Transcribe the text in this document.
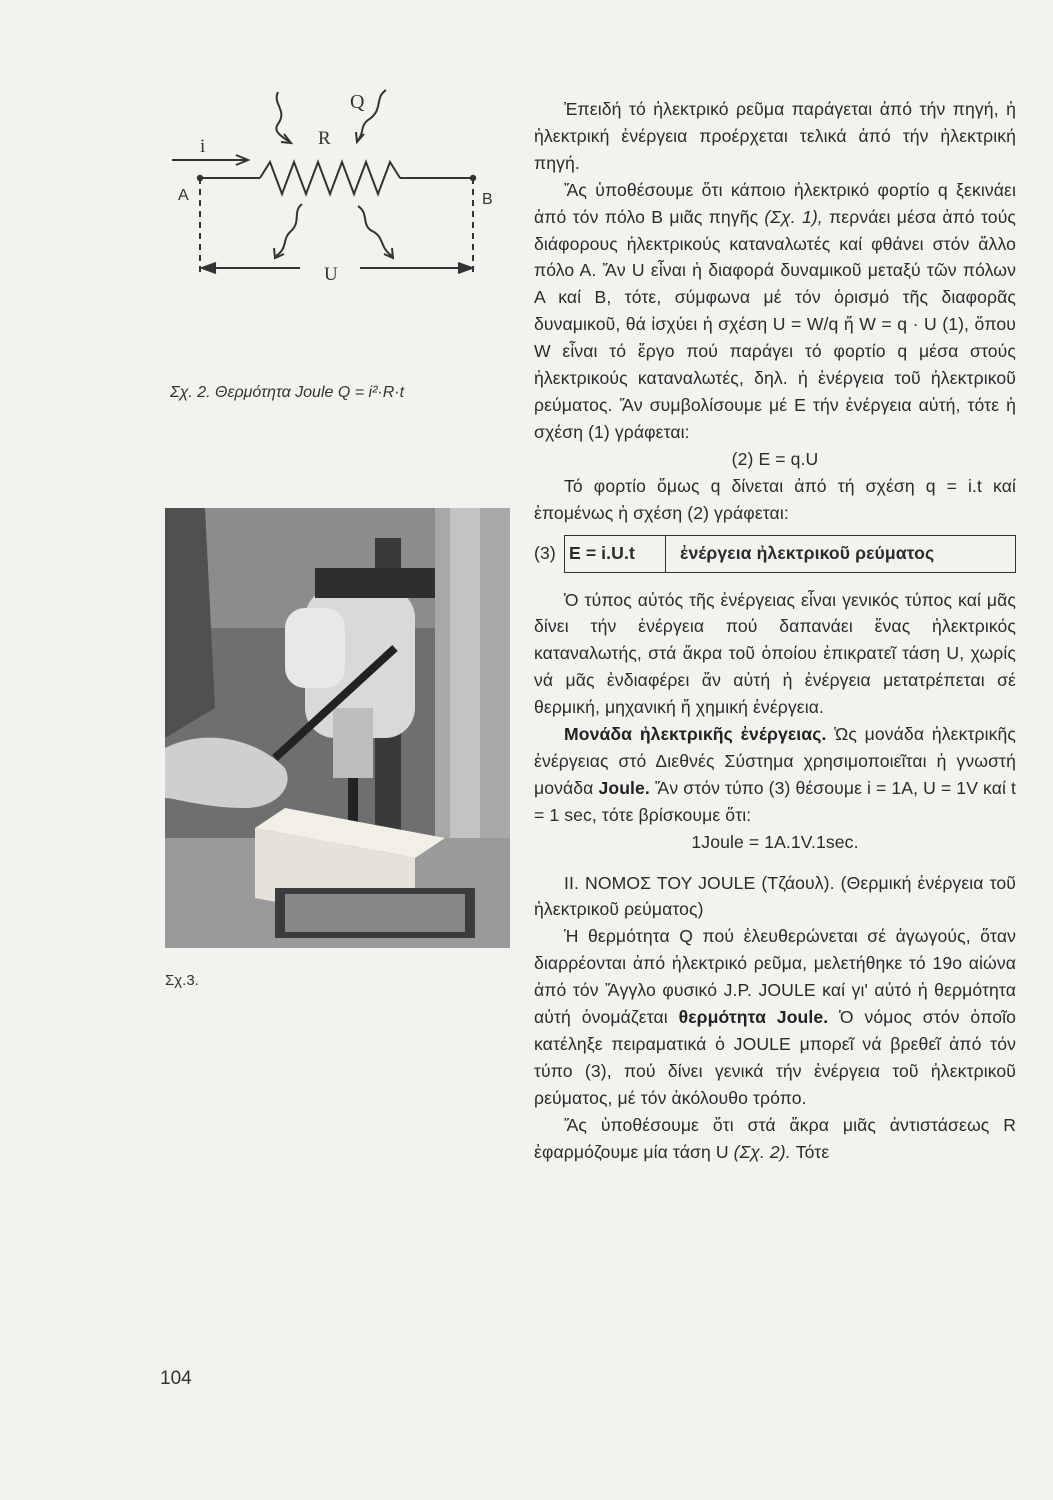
Q
R
i
U
A	B
Σχ. 2. Θερμότητα Joule Q = i²·R·t
Σχ.3.

Ἐπειδή τό ἠλεκτρικό ρεῦμα παράγεται ἀπό τήν πηγή, ἡ ἠλεκτρική ἐνέργεια προέρχεται τελικά ἀπό τήν ἠλεκτρική πηγή.

Ἄς ὑποθέσουμε ὅτι κάποιο ἠλεκτρικό φορτίο q ξεκινάει ἀπό τόν πόλο Β μιᾶς πηγῆς (Σχ. 1), περνάει μέσα ἀπό τούς διάφορους ἠλεκτρικούς καταναλωτές καί φθάνει στόν ἄλλο πόλο Α. Ἄν U εἶναι ἡ διαφορά δυναμικοῦ μεταξύ τῶν πόλων Α καί Β, τότε, σύμφωνα μέ τόν ὁρισμό τῆς διαφορᾶς δυναμικοῦ, θά ἰσχύει ἡ σχέση U = W/q ἤ W = q · U (1), ὅπου W εἶναι τό ἔργο πού παράγει τό φορτίο q μέσα στούς ἠλεκτρικούς καταναλωτές, δηλ. ἡ ἐνέργεια τοῦ ἠλεκτρικοῦ ρεύματος. Ἄν συμβολίσουμε μέ Ε τήν ἐνέργεια αὐτή, τότε ἡ σχέση (1) γράφεται:

(2) E = q.U

Τό φορτίο ὅμως q δίνεται ἀπό τή σχέση q = i.t καί ἑπομένως ἡ σχέση (2) γράφεται:

(3) E = i.U.t	ἐνέργεια ἠλεκτρικοῦ ρεύματος

Ὁ τύπος αὐτός τῆς ἐνέργειας εἶναι γενικός τύπος καί μᾶς δίνει τήν ἐνέργεια πού δαπανάει ἕνας ἠλεκτρικός καταναλωτής, στά ἄκρα τοῦ ὁποίου ἐπικρατεῖ τάση U, χωρίς νά μᾶς ἐνδιαφέρει ἄν αὐτή ἡ ἐνέργεια μετατρέπεται σέ θερμική, μηχανική ἤ χημική ἐνέργεια.

Μονάδα ἠλεκτρικῆς ἐνέργειας. Ὡς μονάδα ἠλεκτρικῆς ἐνέργειας στό Διεθνές Σύστημα χρησιμοποιεῖται ἡ γνωστή μονάδα Joule. Ἄν στόν τύπο (3) θέσουμε i = 1A, U = 1V καί t = 1 sec, τότε βρίσκουμε ὅτι:

1Joule = 1A.1V.1sec.

II. ΝΟΜΟΣ ΤΟΥ JOULE (Τζάουλ). (Θερμική ἐνέργεια τοῦ ἠλεκτρικοῦ ρεύματος)

Ἡ θερμότητα Q πού ἐλευθερώνεται σέ ἀγωγούς, ὅταν διαρρέονται ἀπό ἠλεκτρικό ρεῦμα, μελετήθηκε τό 19ο αἰώνα ἀπό τόν Ἄγγλο φυσικό J.P. JOULE καί γι' αὐτό ἡ θερμότητα αὐτή ὀνομάζεται θερμότητα Joule. Ὁ νόμος στόν ὁποῖο κατέληξε πειραματικά ὁ JOULE μπορεῖ νά βρεθεῖ ἀπό τόν τύπο (3), πού δίνει γενικά τήν ἐνέργεια τοῦ ἠλεκτρικοῦ ρεύματος, μέ τόν ἀκόλουθο τρόπο.

Ἄς ὑποθέσουμε ὅτι στά ἄκρα μιᾶς ἀντιστάσεως R ἐφαρμόζουμε μία τάση U (Σχ. 2). Τότε

104
